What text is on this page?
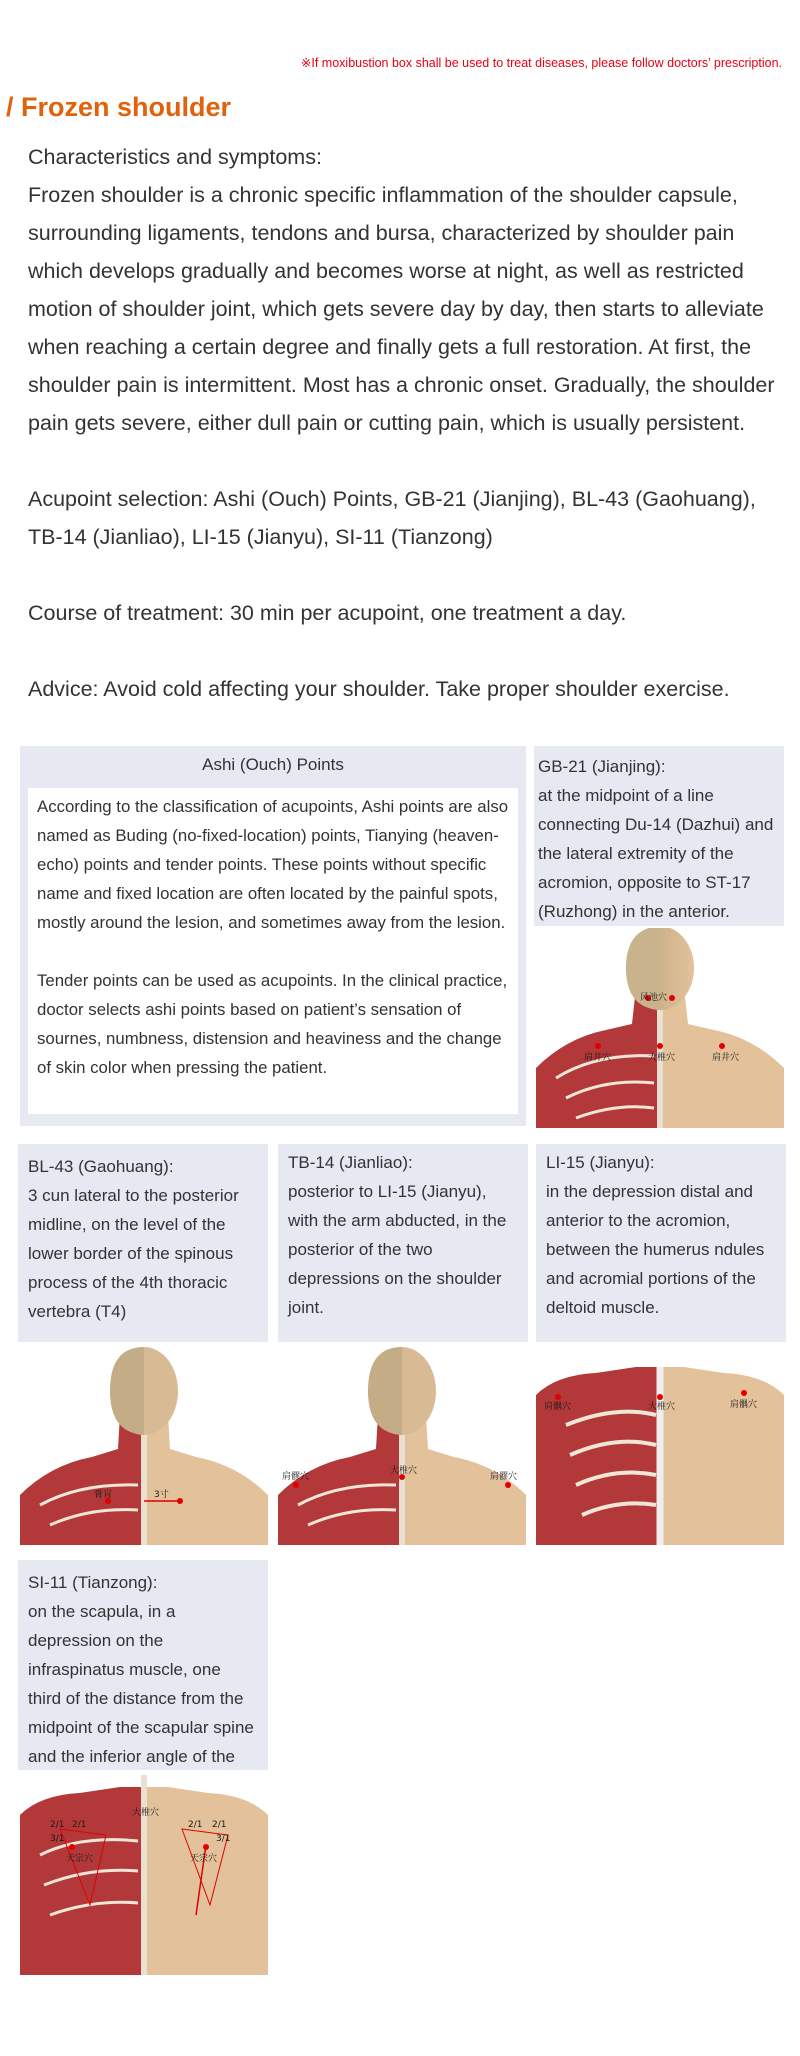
※If moxibustion box shall be used to treat diseases, please follow doctors’ prescription.
/ Frozen shoulder

Characteristics and symptoms:

Frozen shoulder is a chronic specific inflammation of the shoulder capsule, surrounding ligaments, tendons and bursa, characterized by shoulder pain which develops gradually and becomes worse at night, as well as restricted motion of shoulder joint, which gets severe day by day, then starts to alleviate when reaching a certain degree and finally gets a full restoration. At first, the shoulder pain is intermittent. Most has a chronic onset. Gradually, the shoulder pain gets severe, either dull pain or cutting pain, which is usually persistent.

Acupoint selection: Ashi (Ouch) Points, GB-21 (Jianjing), BL-43 (Gaohuang), TB-14 (Jianliao), LI-15 (Jianyu), SI-11 (Tianzong)

Course of treatment: 30 min per acupoint, one treatment a day.

Advice: Avoid cold affecting your shoulder. Take proper shoulder exercise.

Ashi (Ouch) Points

According to the classification of acupoints, Ashi points are also named as Buding (no-fixed-location) points, Tianying (heaven-echo) points and tender points. These points without specific name and fixed location are often located by the painful spots, mostly around the lesion, and sometimes away from the lesion.

Tender points can be used as acupoints. In the clinical practice, doctor selects ashi points based on patient’s sensation of sournes, numbness, distension and heaviness and the change of skin color when pressing the patient.

GB-21 (Jianjing):
at the midpoint of a line connecting Du-14 (Dazhui) and the lateral extremity of the acromion, opposite to ST-17 (Ruzhong) in the anterior.
BL-43 (Gaohuang):
3 cun lateral to the posterior midline, on the level of the lower border of the spinous process of the 4th thoracic vertebra (T4)
TB-14 (Jianliao):
posterior to LI-15 (Jianyu), with the arm abducted, in the posterior of the two depressions on the shoulder joint.
LI-15 (Jianyu):
in the depression distal and anterior to the acromion, between the humerus ndules and acromial portions of the deltoid muscle.
SI-11 (Tianzong):
on the scapula, in a depression on the infraspinatus muscle, one third of the distance from the midpoint of the scapular spine and the inferior angle of the
风池穴
肩井穴	大椎穴	肩井穴
膏肓	3寸
肩髎穴
大椎穴
肩髎穴
肩髃穴	大椎穴	肩髃穴
2/1 2/1
3/1
天宗穴
大椎穴
2/1 2/1
3/1
天宗穴
